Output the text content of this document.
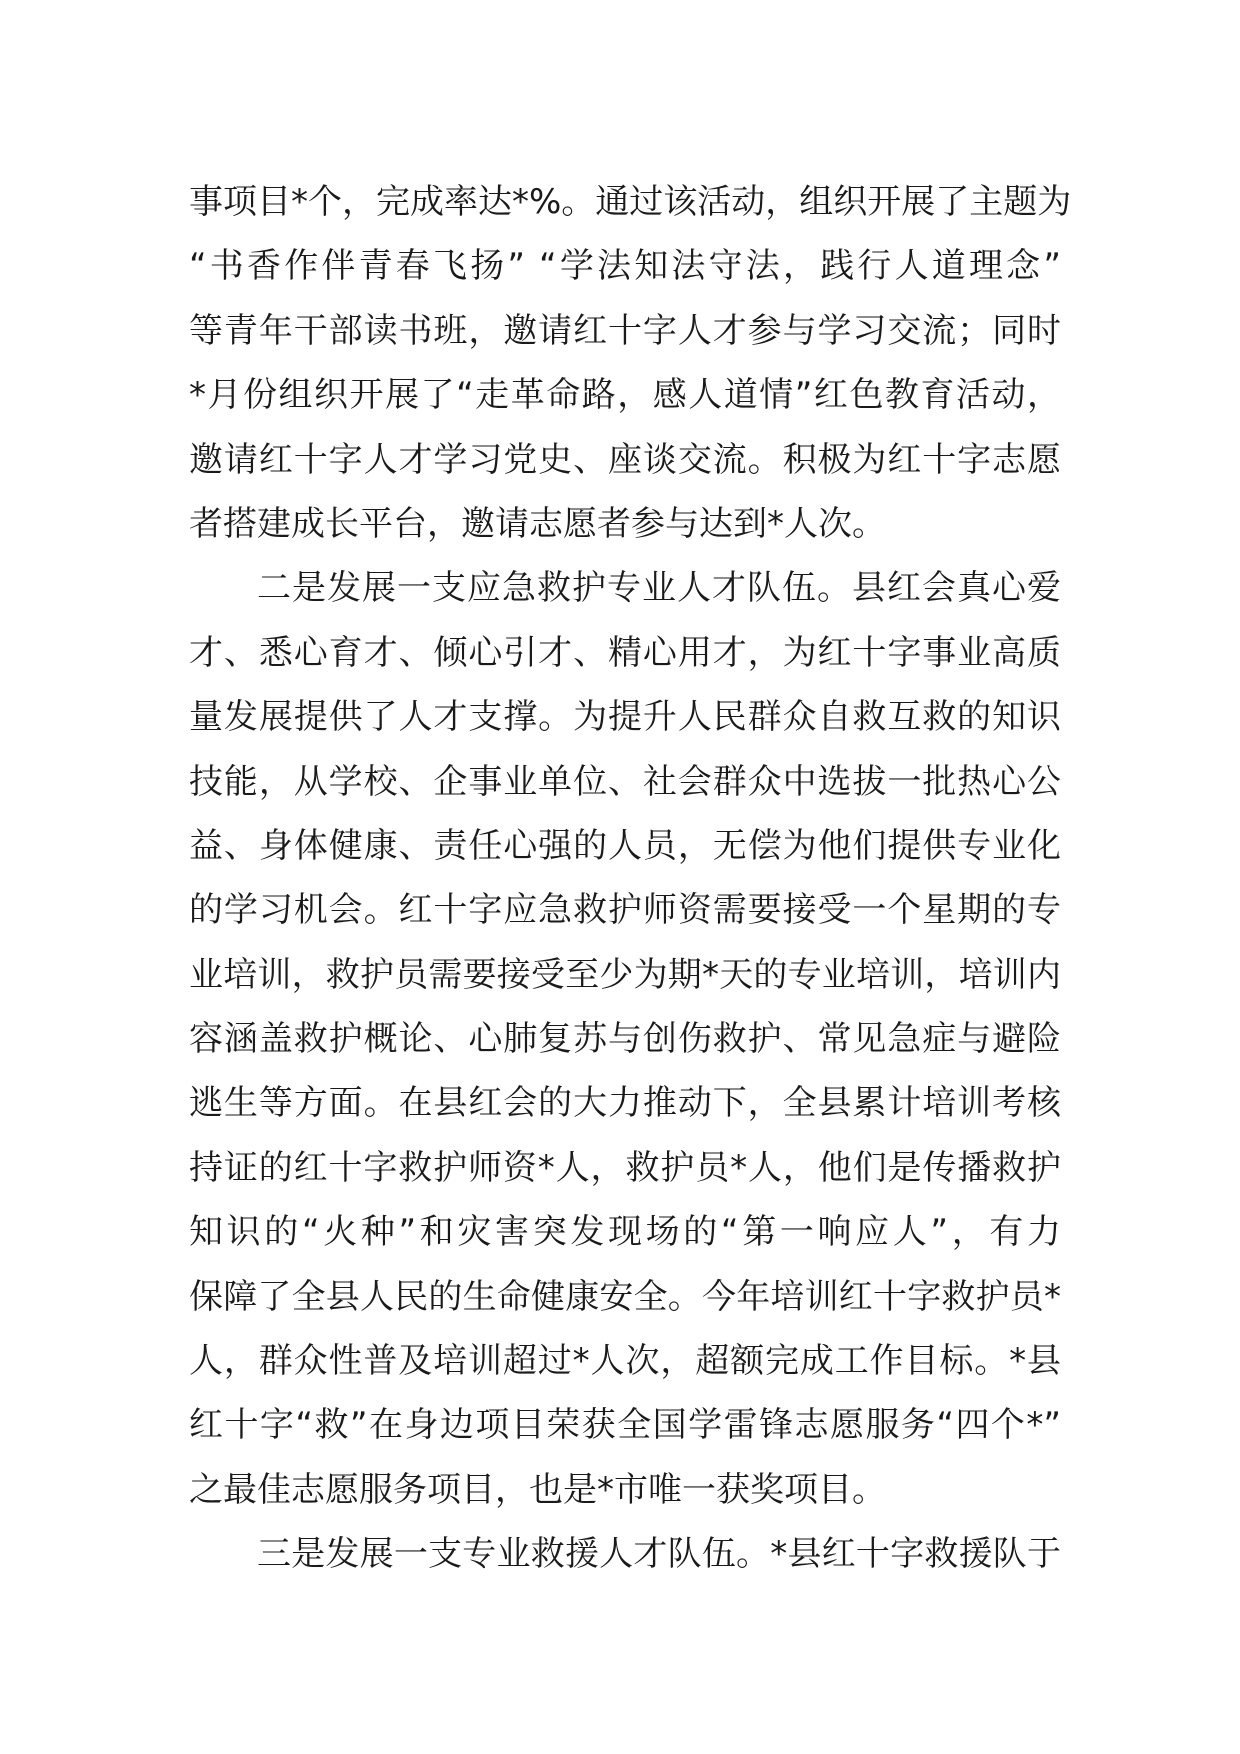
事项目*个，完成率达*%。通过该活动，组织开展了主题为
“书香作伴青春飞扬” “学法知法守法，践行人道理念”
等青年干部读书班，邀请红十字人才参与学习交流；同时
*月份组织开展了“走革命路，感人道情”红色教育活动，
邀请红十字人才学习党史、座谈交流。积极为红十字志愿
者搭建成长平台，邀请志愿者参与达到*人次。
二是发展一支应急救护专业人才队伍。县红会真心爱
才、悉心育才、倾心引才、精心用才，为红十字事业高质
量发展提供了人才支撑。为提升人民群众自救互救的知识
技能，从学校、企事业单位、社会群众中选拔一批热心公
益、身体健康、责任心强的人员，无偿为他们提供专业化
的学习机会。红十字应急救护师资需要接受一个星期的专
业培训，救护员需要接受至少为期*天的专业培训，培训内
容涵盖救护概论、心肺复苏与创伤救护、常见急症与避险
逃生等方面。在县红会的大力推动下，全县累计培训考核
持证的红十字救护师资*人，救护员*人，他们是传播救护
知识的“火种”和灾害突发现场的“第一响应人”，有力
保障了全县人民的生命健康安全。今年培训红十字救护员*
人，群众性普及培训超过*人次，超额完成工作目标。*县
红十字“救”在身边项目荣获全国学雷锋志愿服务“四个*”
之最佳志愿服务项目，也是*市唯一获奖项目。
三是发展一支专业救援人才队伍。*县红十字救援队于
